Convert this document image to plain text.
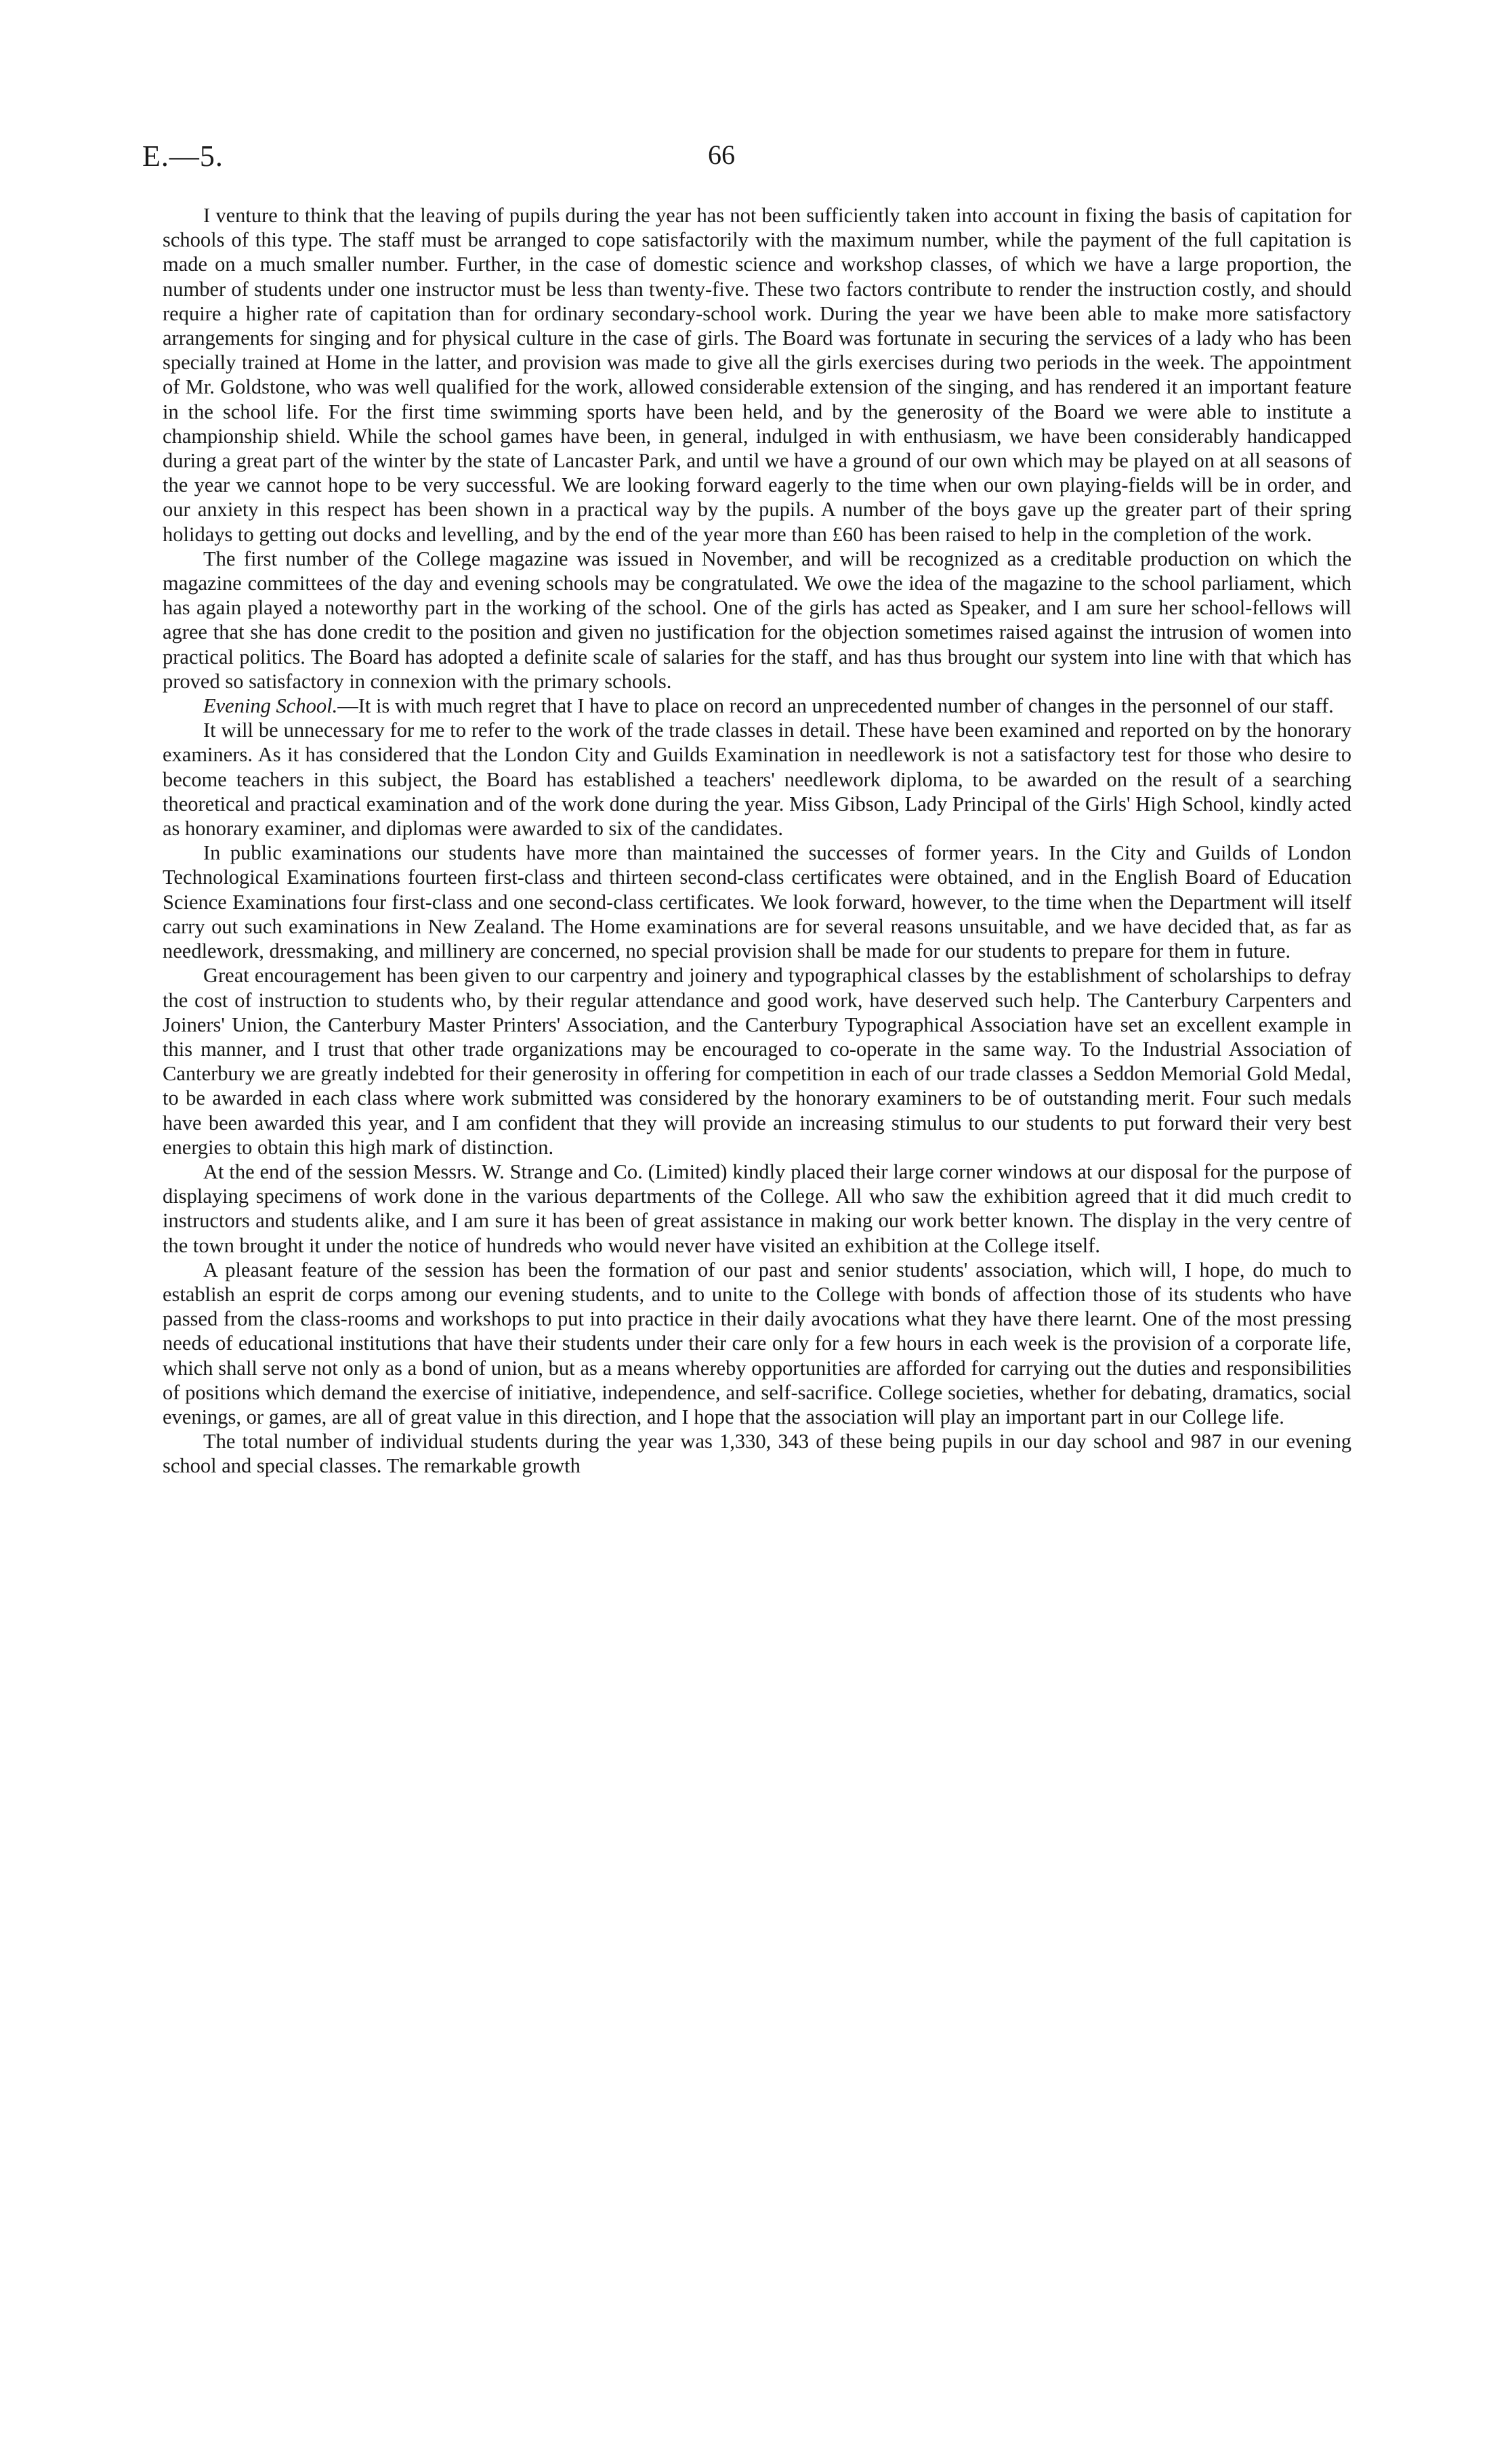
E.—5.	66

I venture to think that the leaving of pupils during the year has not been sufficiently taken into account in fixing the basis of capitation for schools of this type. The staff must be arranged to cope satisfactorily with the maximum number, while the payment of the full capitation is made on a much smaller number. Further, in the case of domestic science and workshop classes, of which we have a large proportion, the number of students under one instructor must be less than twenty-five. These two factors contribute to render the instruction costly, and should require a higher rate of capitation than for ordinary secondary-school work. During the year we have been able to make more satisfactory arrangements for singing and for physical culture in the case of girls. The Board was fortunate in securing the services of a lady who has been specially trained at Home in the latter, and provision was made to give all the girls exercises during two periods in the week. The appointment of Mr. Goldstone, who was well qualified for the work, allowed considerable extension of the singing, and has rendered it an important feature in the school life. For the first time swimming sports have been held, and by the generosity of the Board we were able to institute a championship shield. While the school games have been, in general, indulged in with enthusiasm, we have been considerably handicapped during a great part of the winter by the state of Lancaster Park, and until we have a ground of our own which may be played on at all seasons of the year we cannot hope to be very successful. We are looking forward eagerly to the time when our own playing-fields will be in order, and our anxiety in this respect has been shown in a practical way by the pupils. A number of the boys gave up the greater part of their spring holidays to getting out docks and levelling, and by the end of the year more than £60 has been raised to help in the completion of the work.

The first number of the College magazine was issued in November, and will be recognized as a creditable production on which the magazine committees of the day and evening schools may be congratulated. We owe the idea of the magazine to the school parliament, which has again played a noteworthy part in the working of the school. One of the girls has acted as Speaker, and I am sure her school-fellows will agree that she has done credit to the position and given no justification for the objection sometimes raised against the intrusion of women into practical politics. The Board has adopted a definite scale of salaries for the staff, and has thus brought our system into line with that which has proved so satisfactory in connexion with the primary schools.

Evening School.—It is with much regret that I have to place on record an unprecedented number of changes in the personnel of our staff.

It will be unnecessary for me to refer to the work of the trade classes in detail. These have been examined and reported on by the honorary examiners. As it has considered that the London City and Guilds Examination in needlework is not a satisfactory test for those who desire to become teachers in this subject, the Board has established a teachers' needlework diploma, to be awarded on the result of a searching theoretical and practical examination and of the work done during the year. Miss Gibson, Lady Principal of the Girls' High School, kindly acted as honorary examiner, and diplomas were awarded to six of the candidates.

In public examinations our students have more than maintained the successes of former years. In the City and Guilds of London Technological Examinations fourteen first-class and thirteen second-class certificates were obtained, and in the English Board of Education Science Examinations four first-class and one second-class certificates. We look forward, however, to the time when the Department will itself carry out such examinations in New Zealand. The Home examinations are for several reasons unsuitable, and we have decided that, as far as needlework, dressmaking, and millinery are concerned, no special provision shall be made for our students to prepare for them in future.

Great encouragement has been given to our carpentry and joinery and typographical classes by the establishment of scholarships to defray the cost of instruction to students who, by their regular attendance and good work, have deserved such help. The Canterbury Carpenters and Joiners' Union, the Canterbury Master Printers' Association, and the Canterbury Typographical Association have set an excellent example in this manner, and I trust that other trade organizations may be encouraged to co-operate in the same way. To the Industrial Association of Canterbury we are greatly indebted for their generosity in offering for competition in each of our trade classes a Seddon Memorial Gold Medal, to be awarded in each class where work submitted was considered by the honorary examiners to be of outstanding merit. Four such medals have been awarded this year, and I am confident that they will provide an increasing stimulus to our students to put forward their very best energies to obtain this high mark of distinction.

At the end of the session Messrs. W. Strange and Co. (Limited) kindly placed their large corner windows at our disposal for the purpose of displaying specimens of work done in the various departments of the College. All who saw the exhibition agreed that it did much credit to instructors and students alike, and I am sure it has been of great assistance in making our work better known. The display in the very centre of the town brought it under the notice of hundreds who would never have visited an exhibition at the College itself.

A pleasant feature of the session has been the formation of our past and senior students' association, which will, I hope, do much to establish an esprit de corps among our evening students, and to unite to the College with bonds of affection those of its students who have passed from the class-rooms and workshops to put into practice in their daily avocations what they have there learnt. One of the most pressing needs of educational institutions that have their students under their care only for a few hours in each week is the provision of a corporate life, which shall serve not only as a bond of union, but as a means whereby opportunities are afforded for carrying out the duties and responsibilities of positions which demand the exercise of initiative, independence, and self-sacrifice. College societies, whether for debating, dramatics, social evenings, or games, are all of great value in this direction, and I hope that the association will play an important part in our College life.

The total number of individual students during the year was 1,330, 343 of these being pupils in our day school and 987 in our evening school and special classes. The remarkable growth
